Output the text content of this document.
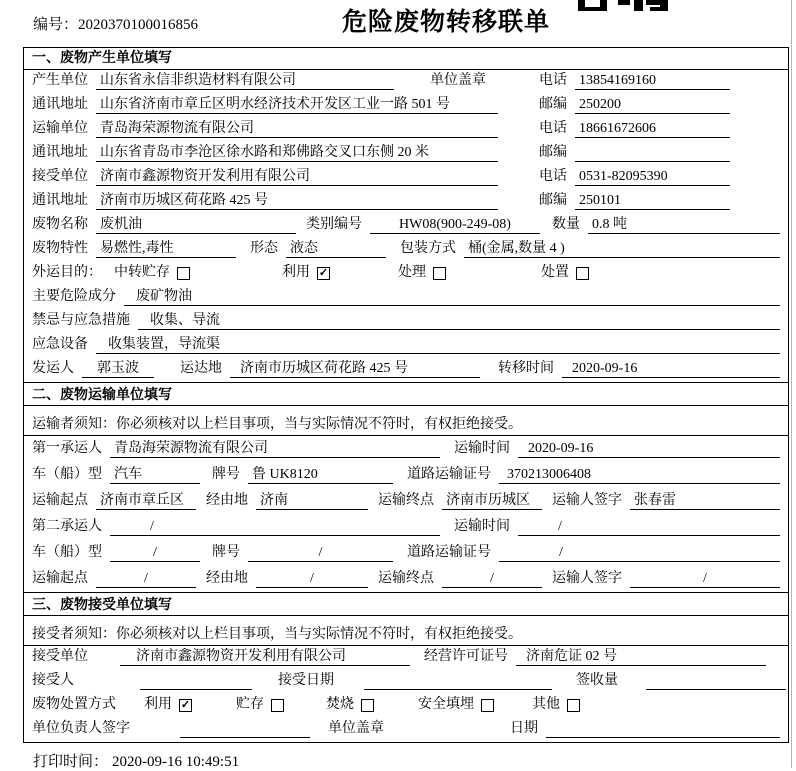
编号：2020370100016856	危险废物转移联单
一、废物产生单位填写
产生单位 山东省永信非织造材料有限公司	单位盖章	电话 13854169160
通讯地址 山东省济南市章丘区明水经济技术开发区工业一路 501 号	邮编 250200
运输单位 青岛海荣源物流有限公司	电话 18661672606
通讯地址 山东省青岛市李沧区徐水路和郑佛路交叉口东侧 20 米	邮编
接受单位 济南市鑫源物资开发利用有限公司	电话 0531-82095390
通讯地址 济南市历城区荷花路 425 号	邮编 250101
废物名称 废机油	类别编号	HW08(900-249-08)	数量 0.8 吨
废物特性 易燃性,毒性	形态 液态	包装方式 桶(金属,数量 4 )
外运目的： 中转贮存	利用 ✓	处理	处置
主要危险成分	废矿物油
禁忌与应急措施	收集、导流
应急设备	收集装置，导流渠
发运人	郭玉波	运达地	济南市历城区荷花路 425 号	转移时间	2020-09-16
二、废物运输单位填写
运输者须知：你必须核对以上栏目事项，当与实际情况不符时，有权拒绝接受。
第一承运人 青岛海荣源物流有限公司	运输时间	2020-09-16
车（船）型 汽车	牌号 鲁 UK8120	道路运输证号	370213006408
运输起点 济南市章丘区	经由地 济南	运输终点 济南市历城区	运输人签字 张春雷
第二承运人	/	运输时间	/
车（船）型	/	牌号	/	道路运输证号	/
运输起点	/	经由地	/	运输终点	/	运输人签字	/
三、废物接受单位填写
接受者须知：你必须核对以上栏目事项，当与实际情况不符时，有权拒绝接受。
接受单位	济南市鑫源物资开发利用有限公司	经营许可证号	济南危证 02 号
接受人	接受日期	签收量
废物处置方式 利用 ✓	贮存	焚烧	安全填埋	其他
单位负责人签字	单位盖章	日期
打印时间： 2020-09-16 10:49:51
